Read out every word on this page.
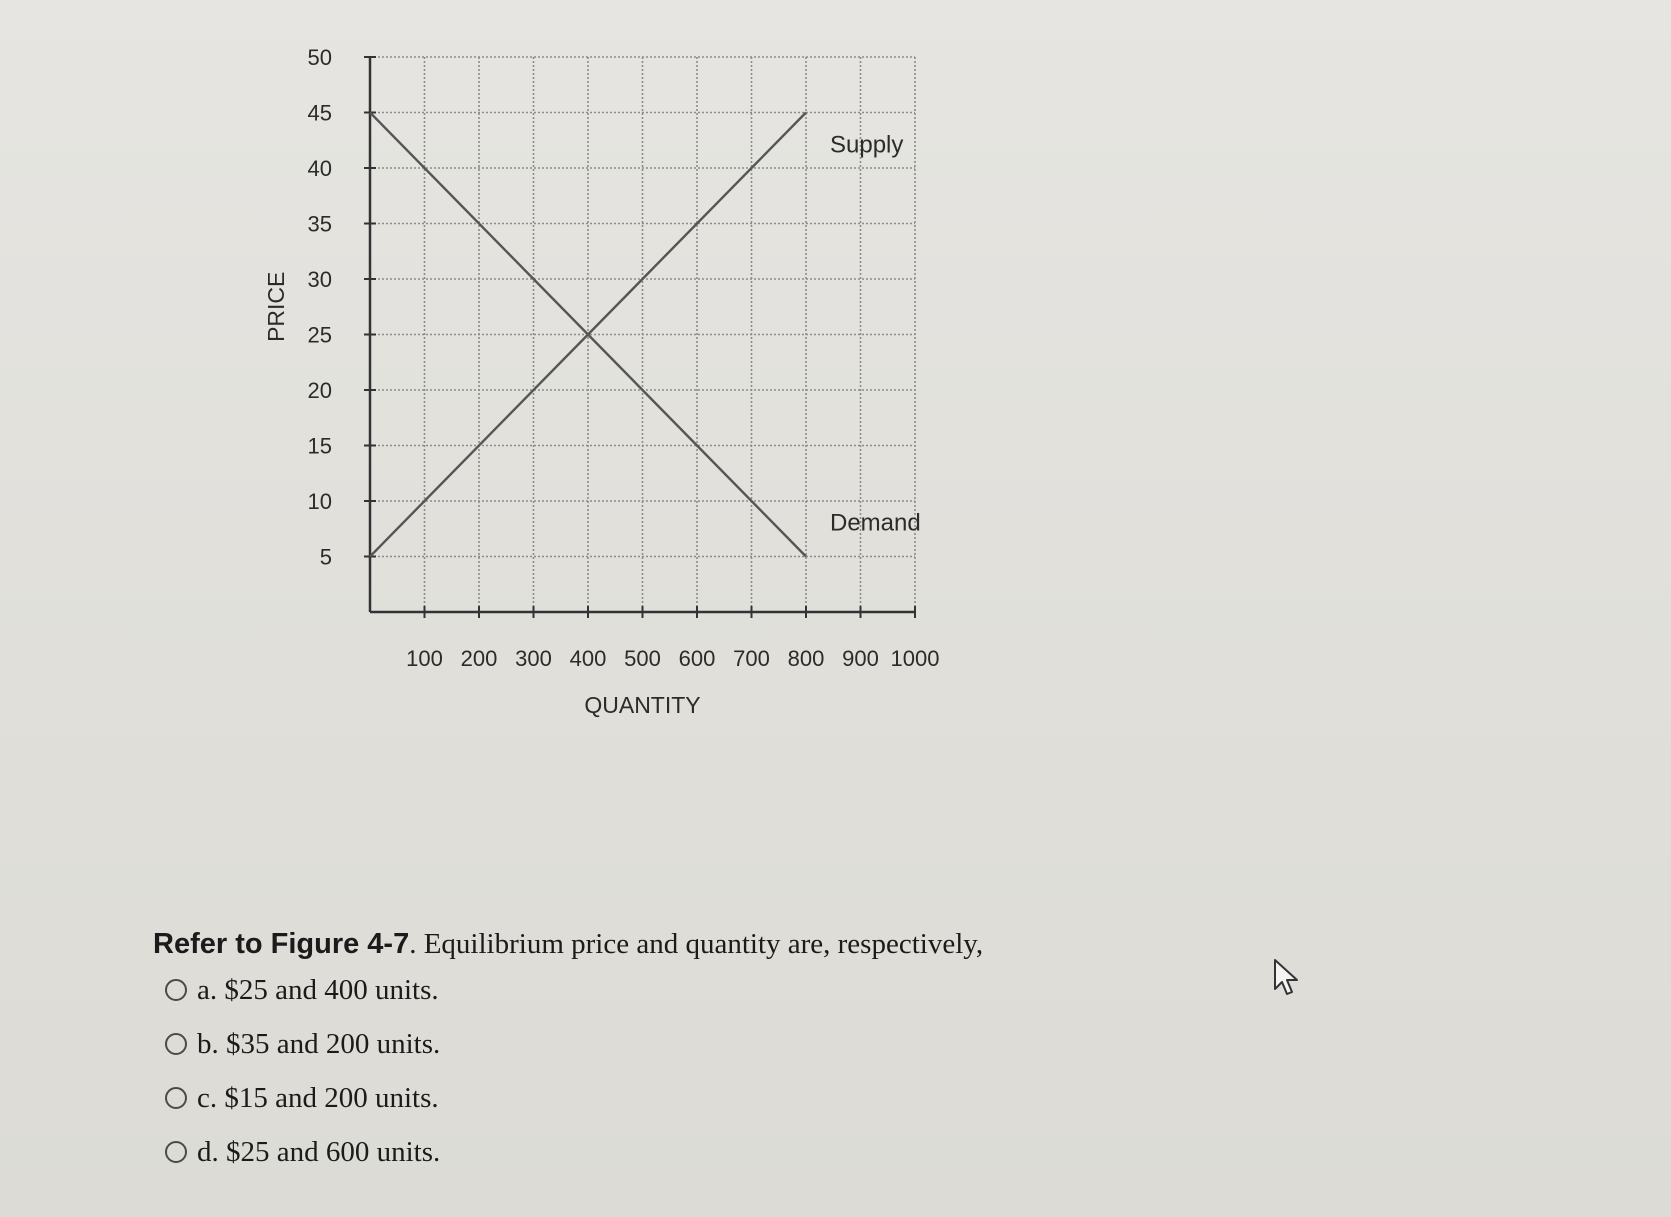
100 200 300 400 500 600 700 800 900 1000
5
10
15
20
25
30
35
40
45
50
Supply
Demand
QUANTITY
PRICE
Refer to Figure 4-7. Equilibrium price and quantity are, respectively,
a. $25 and 400 units.
b. $35 and 200 units.
c. $15 and 200 units.
d. $25 and 600 units.
